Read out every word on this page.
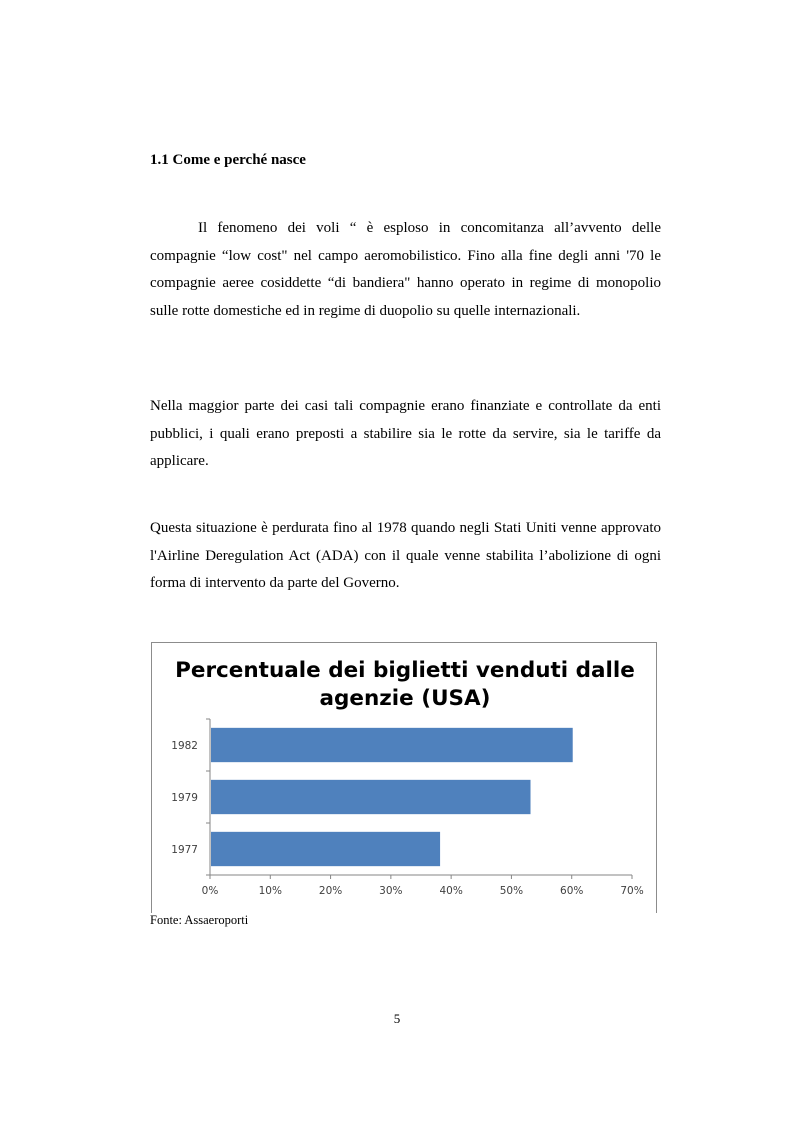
1.1 Come e perché nasce

Il fenomeno dei voli “ è esploso in concomitanza all’avvento delle compagnie “low cost" nel campo aeromobilistico. Fino alla fine degli anni '70 le compagnie aeree cosiddette “di bandiera" hanno operato in regime di monopolio sulle rotte domestiche ed in regime di duopolio su quelle internazionali.

Nella maggior parte dei casi tali compagnie erano finanziate e controllate da enti pubblici, i quali erano preposti a stabilire sia le rotte da servire, sia le tariffe da applicare.

Questa situazione è perdurata fino al 1978 quando negli Stati Uniti venne approvato l'Airline Deregulation Act (ADA) con il quale venne stabilita l’abolizione di ogni forma di intervento da parte del Governo.

Percentuale dei biglietti venduti dalle
agenzie (USA)
1982
1979
1977
0%	10%	20%	30%	40%	50%	60%	70%

Fonte: Assaeroporti

5
